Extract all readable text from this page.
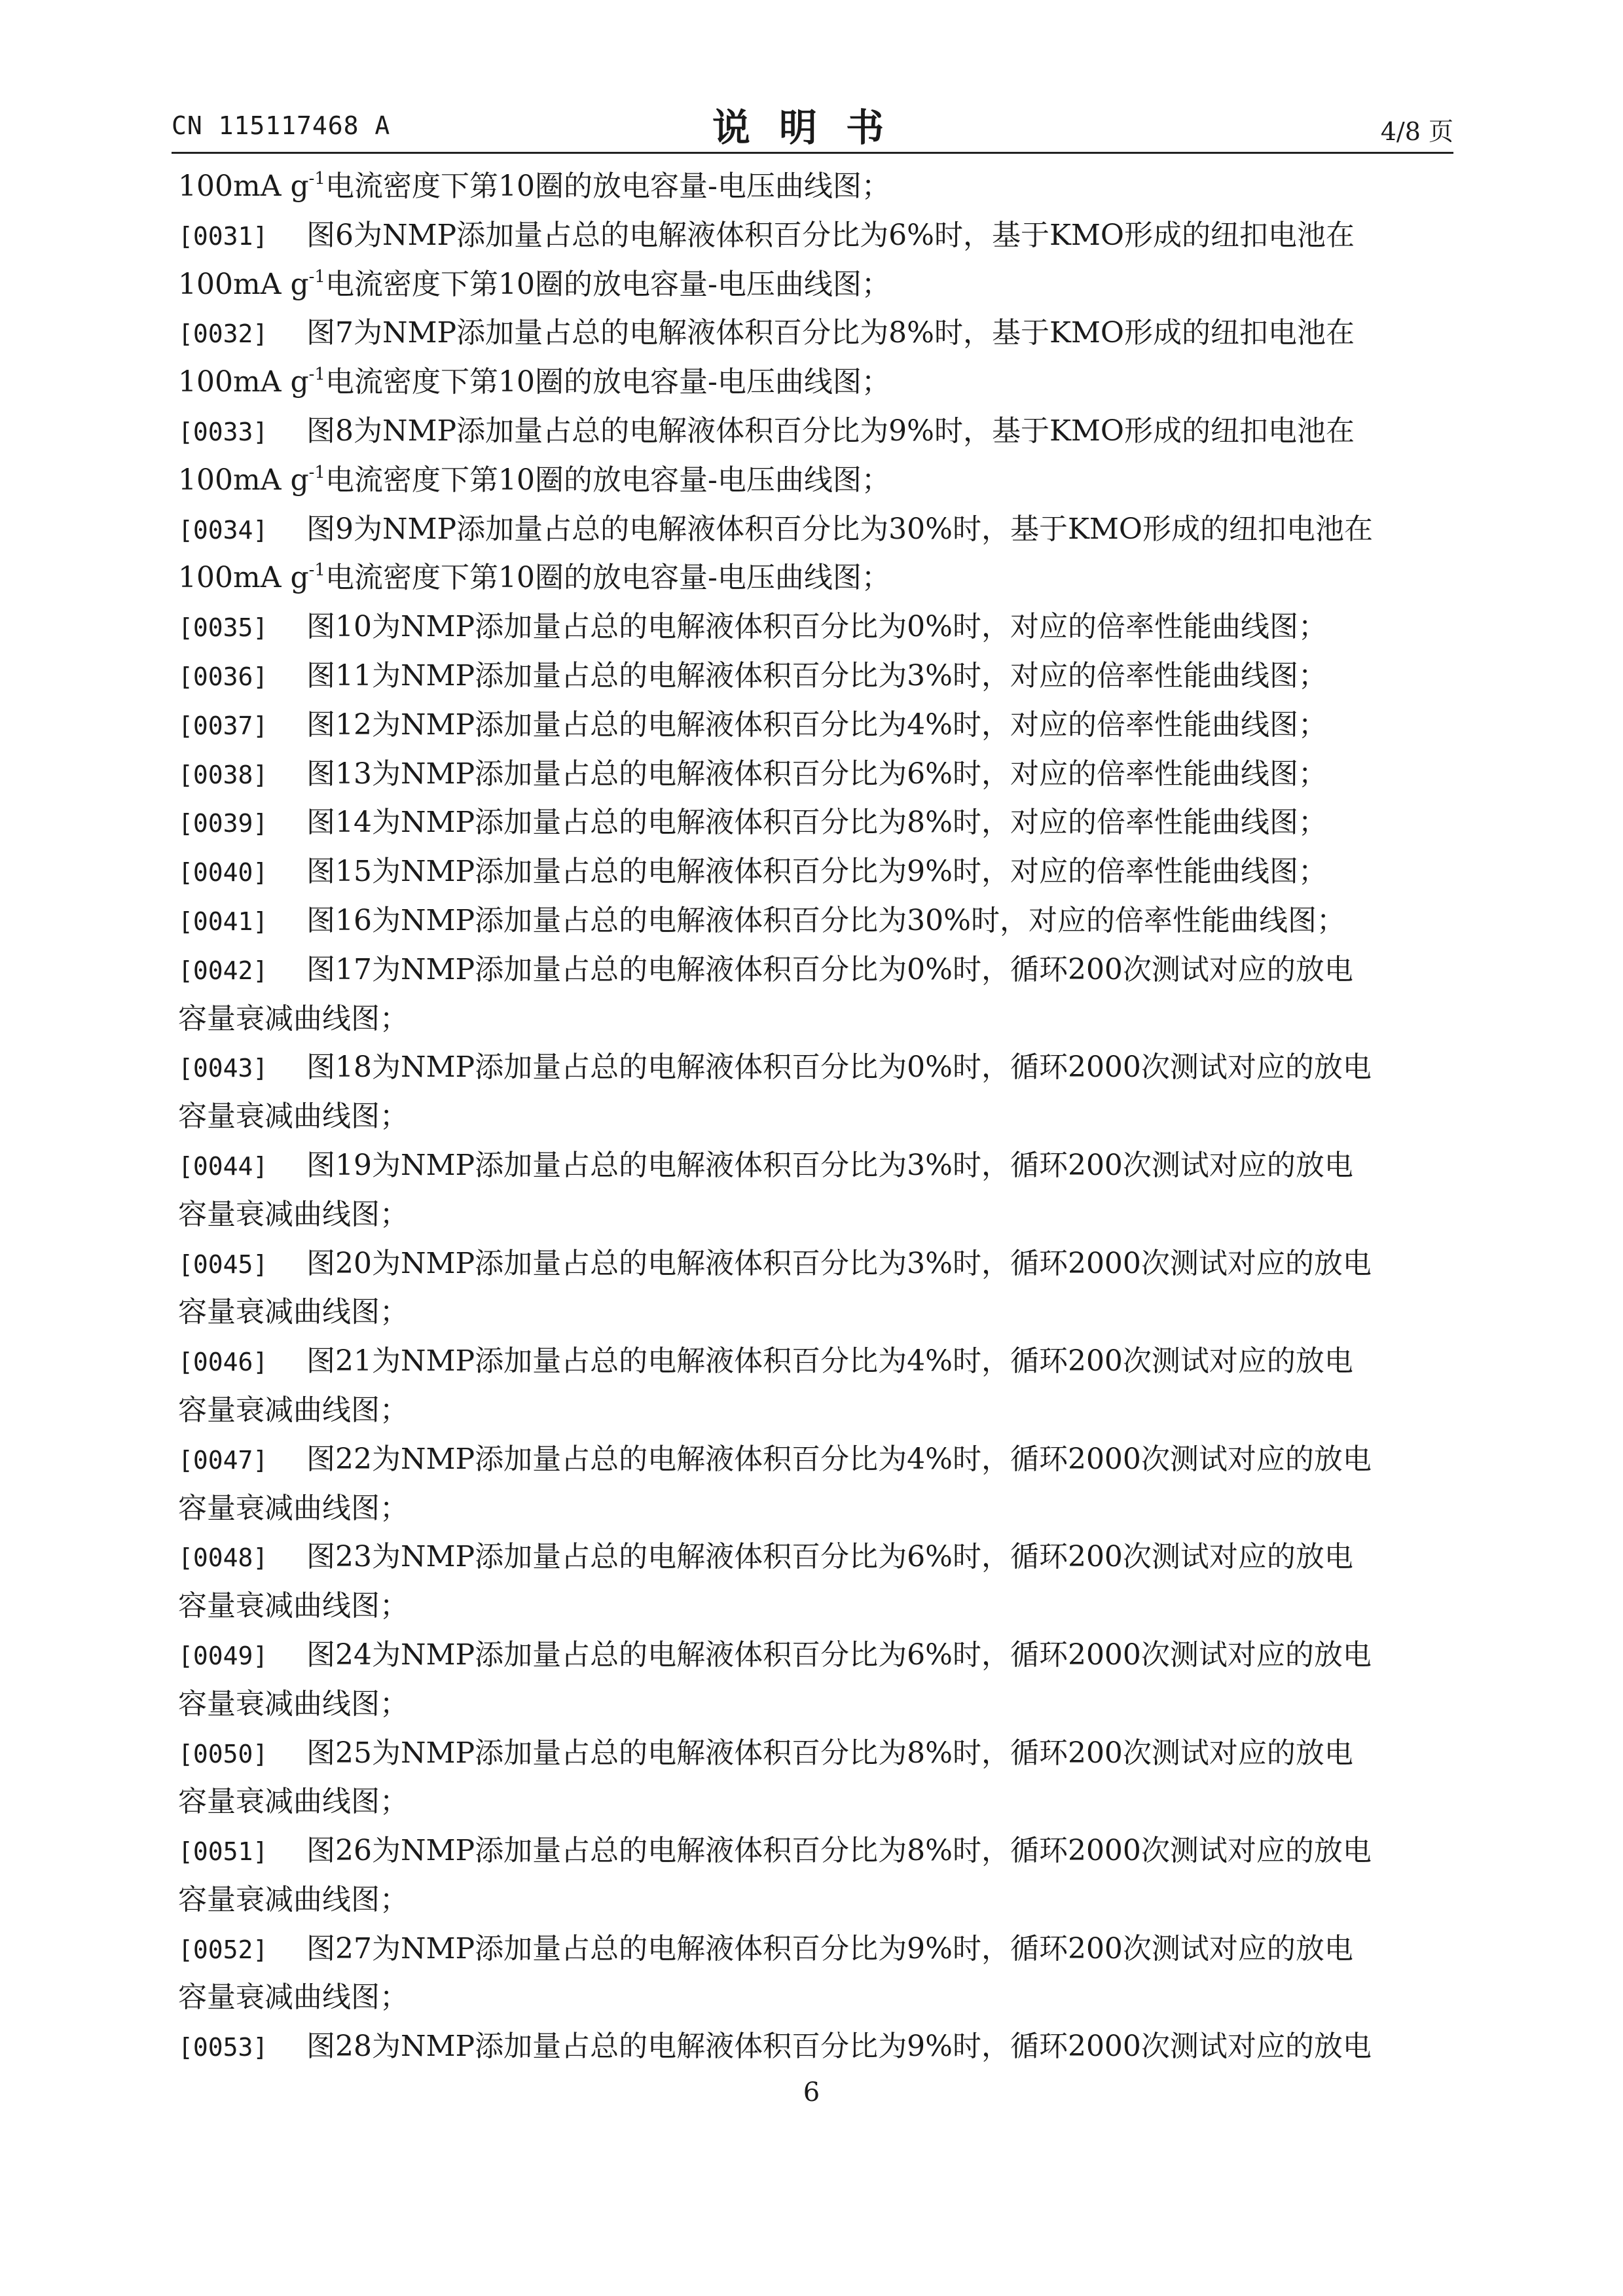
CN 115117468 A	说明书	4/8 页
100mA $g^{-1}$电流密度下第10圈的放电容量-电压曲线图；
[0031] 图6为NMP添加量占总的电解液体积百分比为6%时，基于KMO形成的纽扣电池在
100mA $g^{-1}$电流密度下第10圈的放电容量-电压曲线图；
[0032] 图7为NMP添加量占总的电解液体积百分比为8%时，基于KMO形成的纽扣电池在
100mA $g^{-1}$电流密度下第10圈的放电容量-电压曲线图；
[0033] 图8为NMP添加量占总的电解液体积百分比为9%时，基于KMO形成的纽扣电池在
100mA $g^{-1}$电流密度下第10圈的放电容量-电压曲线图；
[0034] 图9为NMP添加量占总的电解液体积百分比为30%时，基于KMO形成的纽扣电池在
100mA $g^{-1}$电流密度下第10圈的放电容量-电压曲线图；
[0035] 图10为NMP添加量占总的电解液体积百分比为0%时，对应的倍率性能曲线图；
[0036] 图11为NMP添加量占总的电解液体积百分比为3%时，对应的倍率性能曲线图；
[0037] 图12为NMP添加量占总的电解液体积百分比为4%时，对应的倍率性能曲线图；
[0038] 图13为NMP添加量占总的电解液体积百分比为6%时，对应的倍率性能曲线图；
[0039] 图14为NMP添加量占总的电解液体积百分比为8%时，对应的倍率性能曲线图；
[0040] 图15为NMP添加量占总的电解液体积百分比为9%时，对应的倍率性能曲线图；
[0041] 图16为NMP添加量占总的电解液体积百分比为30%时，对应的倍率性能曲线图；
[0042] 图17为NMP添加量占总的电解液体积百分比为0%时，循环200次测试对应的放电
容量衰减曲线图；
[0043] 图18为NMP添加量占总的电解液体积百分比为0%时，循环2000次测试对应的放电
容量衰减曲线图；
[0044] 图19为NMP添加量占总的电解液体积百分比为3%时，循环200次测试对应的放电
容量衰减曲线图；
[0045] 图20为NMP添加量占总的电解液体积百分比为3%时，循环2000次测试对应的放电
容量衰减曲线图；
[0046] 图21为NMP添加量占总的电解液体积百分比为4%时，循环200次测试对应的放电
容量衰减曲线图；
[0047] 图22为NMP添加量占总的电解液体积百分比为4%时，循环2000次测试对应的放电
容量衰减曲线图；
[0048] 图23为NMP添加量占总的电解液体积百分比为6%时，循环200次测试对应的放电
容量衰减曲线图；
[0049] 图24为NMP添加量占总的电解液体积百分比为6%时，循环2000次测试对应的放电
容量衰减曲线图；
[0050] 图25为NMP添加量占总的电解液体积百分比为8%时，循环200次测试对应的放电
容量衰减曲线图；
[0051] 图26为NMP添加量占总的电解液体积百分比为8%时，循环2000次测试对应的放电
容量衰减曲线图；
[0052] 图27为NMP添加量占总的电解液体积百分比为9%时，循环200次测试对应的放电
容量衰减曲线图；
[0053] 图28为NMP添加量占总的电解液体积百分比为9%时，循环2000次测试对应的放电
6
